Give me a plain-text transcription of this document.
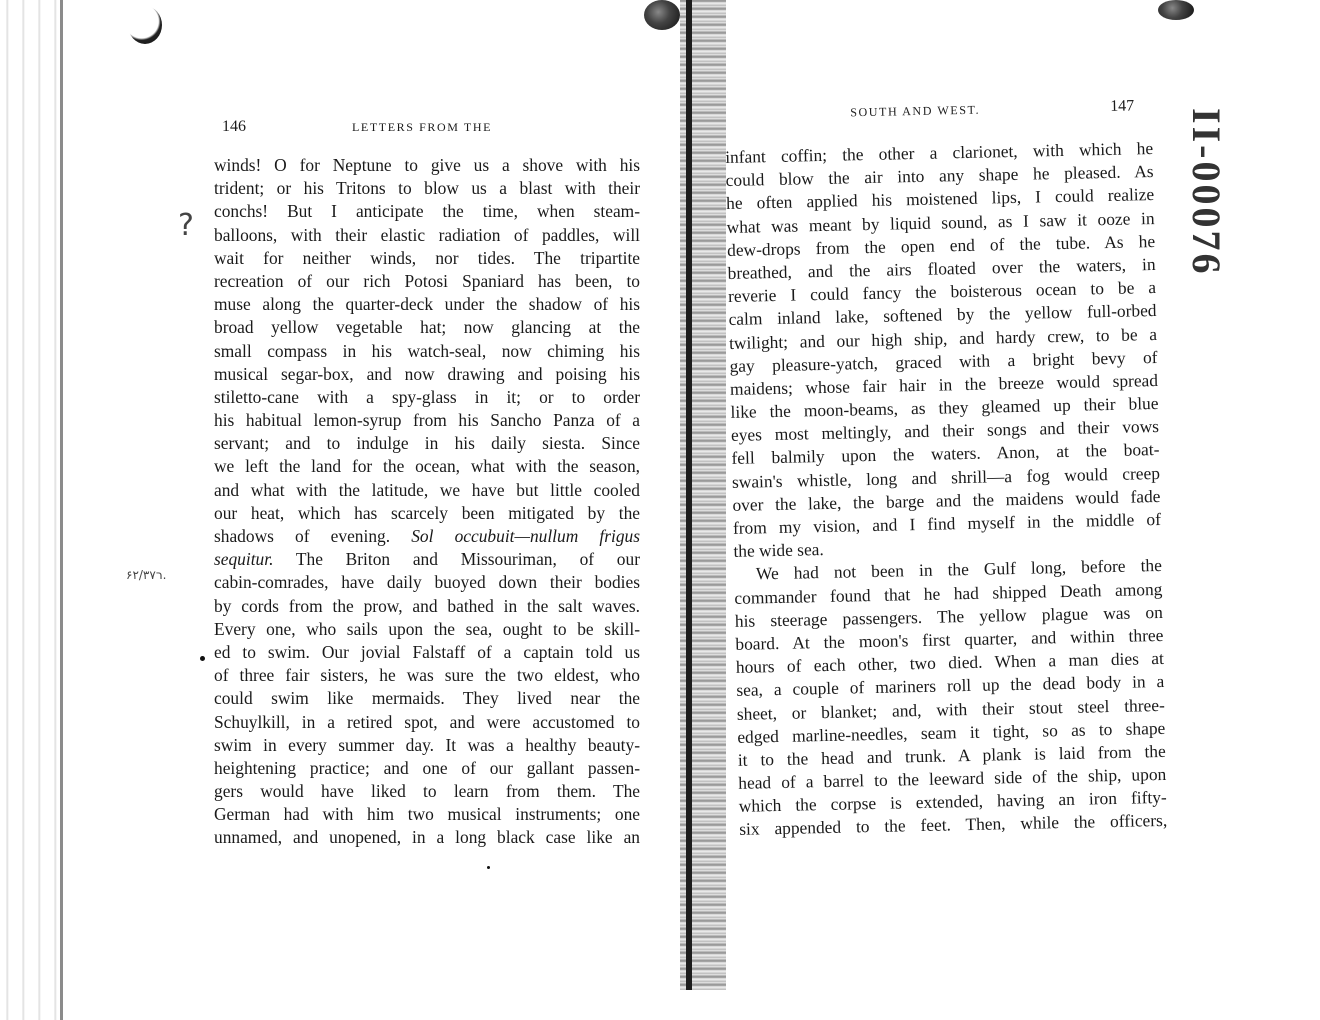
146	LETTERS FROM THE
winds! O for Neptune to give us a shove with his
trident; or his Tritons to blow us a blast with their
conchs! But I anticipate the time, when steam-
balloons, with their elastic radiation of paddles, will
wait for neither winds, nor tides. The tripartite
recreation of our rich Potosi Spaniard has been, to
muse along the quarter-deck under the shadow of his
broad yellow vegetable hat; now glancing at the
small compass in his watch-seal, now chiming his
musical segar-box, and now drawing and poising his
stiletto-cane with a spy-glass in it; or to order
his habitual lemon-syrup from his Sancho Panza of a
servant; and to indulge in his daily siesta. Since
we left the land for the ocean, what with the season,
and what with the latitude, we have but little cooled
our heat, which has scarcely been mitigated by the
shadows of evening. Sol occubuit—nullum frigus
sequitur. The Briton and Missouriman, of our
cabin-comrades, have daily buoyed down their bodies
by cords from the prow, and bathed in the salt waves.
Every one, who sails upon the sea, ought to be skill-
ed to swim. Our jovial Falstaff of a captain told us
of three fair sisters, he was sure the two eldest, who
could swim like mermaids. They lived near the
Schuylkill, in a retired spot, and were accustomed to
swim in every summer day. It was a healthy beauty-
heightening practice; and one of our gallant passen-
gers would have liked to learn from them. The
German had with him two musical instruments; one
unnamed, and unopened, in a long black case like an
?
ר۶۲/۳۷.
SOUTH AND WEST.	147
infant coffin; the other a clarionet, with which he
could blow the air into any shape he pleased. As
he often applied his moistened lips, I could realize
what was meant by liquid sound, as I saw it ooze in
dew-drops from the open end of the tube. As he
breathed, and the airs floated over the waters, in
reverie I could fancy the boisterous ocean to be a
calm inland lake, softened by the yellow full-orbed
twilight; and our high ship, and hardy crew, to be a
gay pleasure-yatch, graced with a bright bevy of
maidens; whose fair hair in the breeze would spread
like the moon-beams, as they gleamed up their blue
eyes most meltingly, and their songs and their vows
fell balmily upon the waters. Anon, at the boat-
swain's whistle, long and shrill—a fog would creep
over the lake, the barge and the maidens would fade
from my vision, and I find myself in the middle of
the wide sea.
We had not been in the Gulf long, before the
commander found that he had shipped Death among
his steerage passengers. The yellow plague was on
board. At the moon's first quarter, and within three
hours of each other, two died. When a man dies at
sea, a couple of mariners roll up the dead body in a
sheet, or blanket; and, with their stout steel three-
edged marline-needles, seam it tight, so as to shape
it to the head and trunk. A plank is laid from the
head of a barrel to the leeward side of the ship, upon
which the corpse is extended, having an iron fifty-
six appended to the feet. Then, while the officers,
II-00076
